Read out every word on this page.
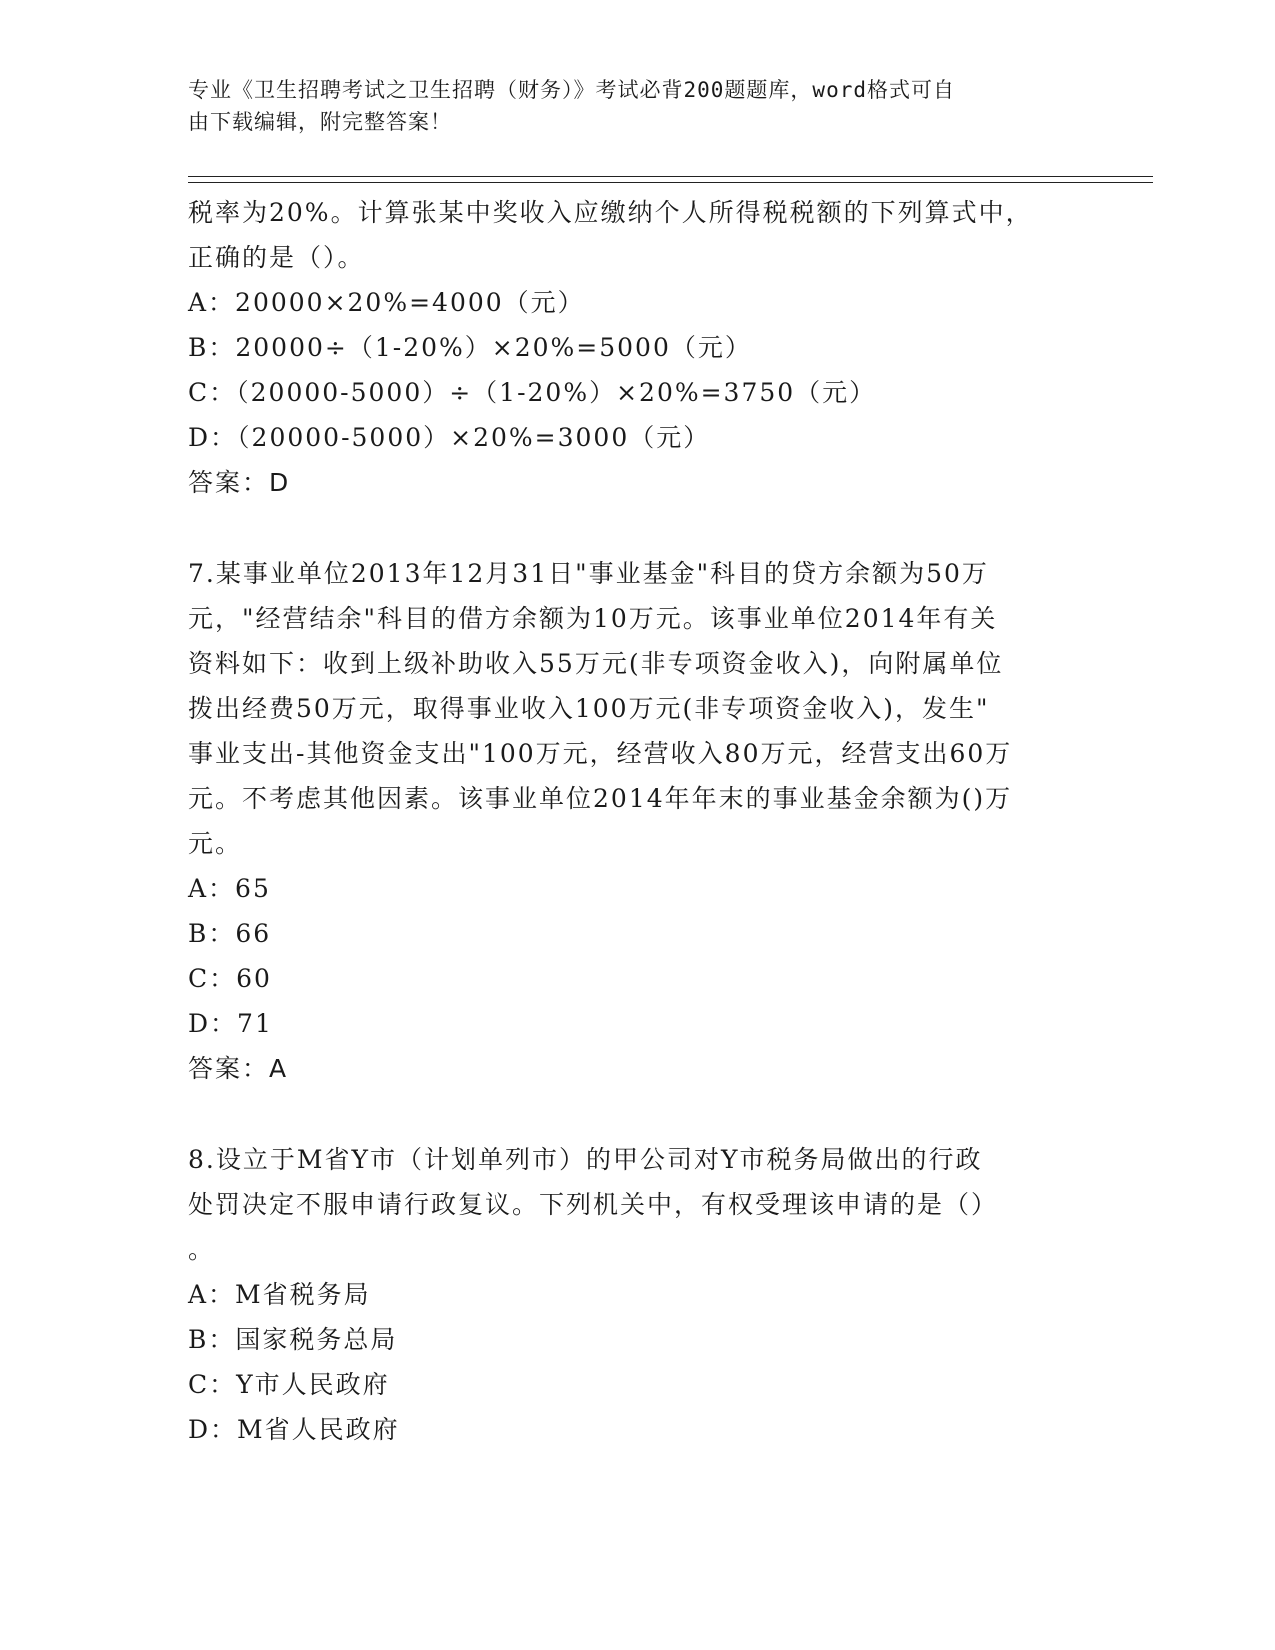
专业《卫生招聘考试之卫生招聘（财务）》考试必背200题题库，word格式可自
由下载编辑，附完整答案！
税率为20%。计算张某中奖收入应缴纳个人所得税税额的下列算式中，
正确的是（）。
A：20000×20%=4000（元）
B：20000÷（1-20%）×20%=5000（元）
C：（20000-5000）÷（1-20%）×20%=3750（元）
D：（20000-5000）×20%=3000（元）
答案：D
7.某事业单位2013年12月31日"事业基金"科目的贷方余额为50万
元，"经营结余"科目的借方余额为10万元。该事业单位2014年有关
资料如下：收到上级补助收入55万元(非专项资金收入)，向附属单位
拨出经费50万元，取得事业收入100万元(非专项资金收入)，发生"
事业支出-其他资金支出"100万元，经营收入80万元，经营支出60万
元。不考虑其他因素。该事业单位2014年年末的事业基金余额为()万
元。
A：65
B：66
C：60
D：71
答案：A
8.设立于M省Y市（计划单列市）的甲公司对Y市税务局做出的行政
处罚决定不服申请行政复议。下列机关中，有权受理该申请的是（）
。
A：M省税务局
B：国家税务总局
C：Y市人民政府
D：M省人民政府
